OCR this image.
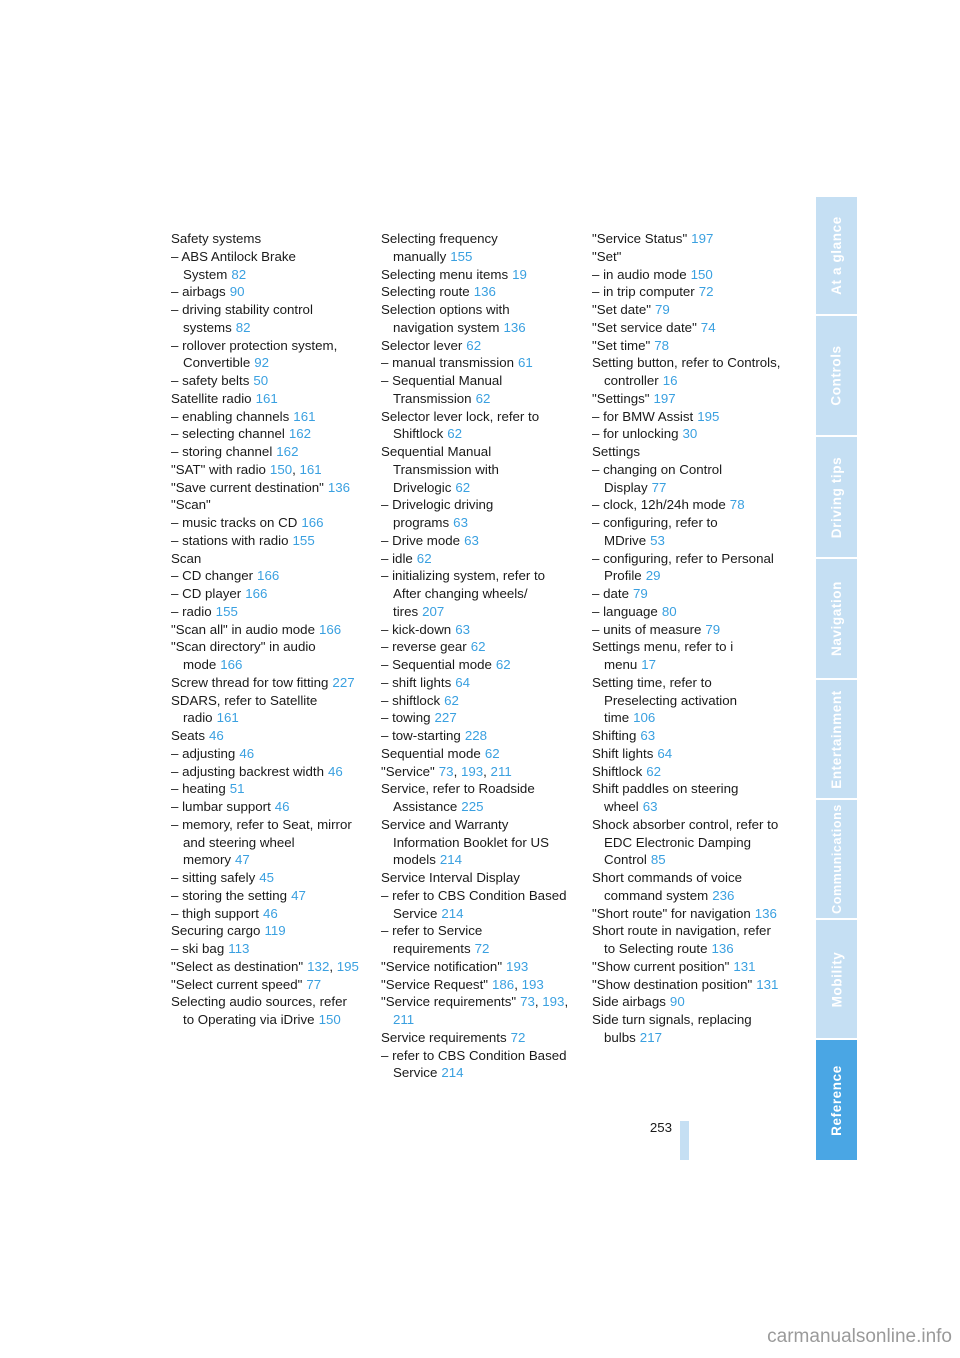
Safety systems
– ABS Antilock Brake System 82
– airbags 90
– driving stability control systems 82
– rollover protection system, Convertible 92
– safety belts 50
Satellite radio 161
– enabling channels 161
– selecting channel 162
– storing channel 162
"SAT" with radio 150, 161
"Save current destination" 136
"Scan"
– music tracks on CD 166
– stations with radio 155
Scan
– CD changer 166
– CD player 166
– radio 155
"Scan all" in audio mode 166
"Scan directory" in audio mode 166
Screw thread for tow fitting 227
SDARS, refer to Satellite radio 161
Seats 46
– adjusting 46
– adjusting backrest width 46
– heating 51
– lumbar support 46
– memory, refer to Seat, mirror and steering wheel memory 47
– sitting safely 45
– storing the setting 47
– thigh support 46
Securing cargo 119
– ski bag 113
"Select as destination" 132, 195
"Select current speed" 77
Selecting audio sources, refer to Operating via iDrive 150
Selecting frequency manually 155
Selecting menu items 19
Selecting route 136
Selection options with navigation system 136
Selector lever 62
– manual transmission 61
– Sequential Manual Transmission 62
Selector lever lock, refer to Shiftlock 62
Sequential Manual Transmission with Drivelogic 62
– Drivelogic driving programs 63
– Drive mode 63
– idle 62
– initializing system, refer to After changing wheels/ tires 207
– kick-down 63
– reverse gear 62
– Sequential mode 62
– shift lights 64
– shiftlock 62
– towing 227
– tow-starting 228
Sequential mode 62
"Service" 73, 193, 211
Service, refer to Roadside Assistance 225
Service and Warranty Information Booklet for US models 214
Service Interval Display
– refer to CBS Condition Based Service 214
– refer to Service requirements 72
"Service notification" 193
"Service Request" 186, 193
"Service requirements" 73, 193, 211
Service requirements 72
– refer to CBS Condition Based Service 214
"Service Status" 197
"Set"
– in audio mode 150
– in trip computer 72
"Set date" 79
"Set service date" 74
"Set time" 78
Setting button, refer to Controls, controller 16
"Settings" 197
– for BMW Assist 195
– for unlocking 30
Settings
– changing on Control Display 77
– clock, 12h/24h mode 78
– configuring, refer to MDrive 53
– configuring, refer to Personal Profile 29
– date 79
– language 80
– units of measure 79
Settings menu, refer to i menu 17
Setting time, refer to Preselecting activation time 106
Shifting 63
Shift lights 64
Shiftlock 62
Shift paddles on steering wheel 63
Shock absorber control, refer to EDC Electronic Damping Control 85
Short commands of voice command system 236
"Short route" for navigation 136
Short route in navigation, refer to Selecting route 136
"Show current position" 131
"Show destination position" 131
Side airbags 90
Side turn signals, replacing bulbs 217
At a glance
Controls
Driving tips
Navigation
Entertainment
Communications
Mobility
Reference
253
carmanualsonline.info
